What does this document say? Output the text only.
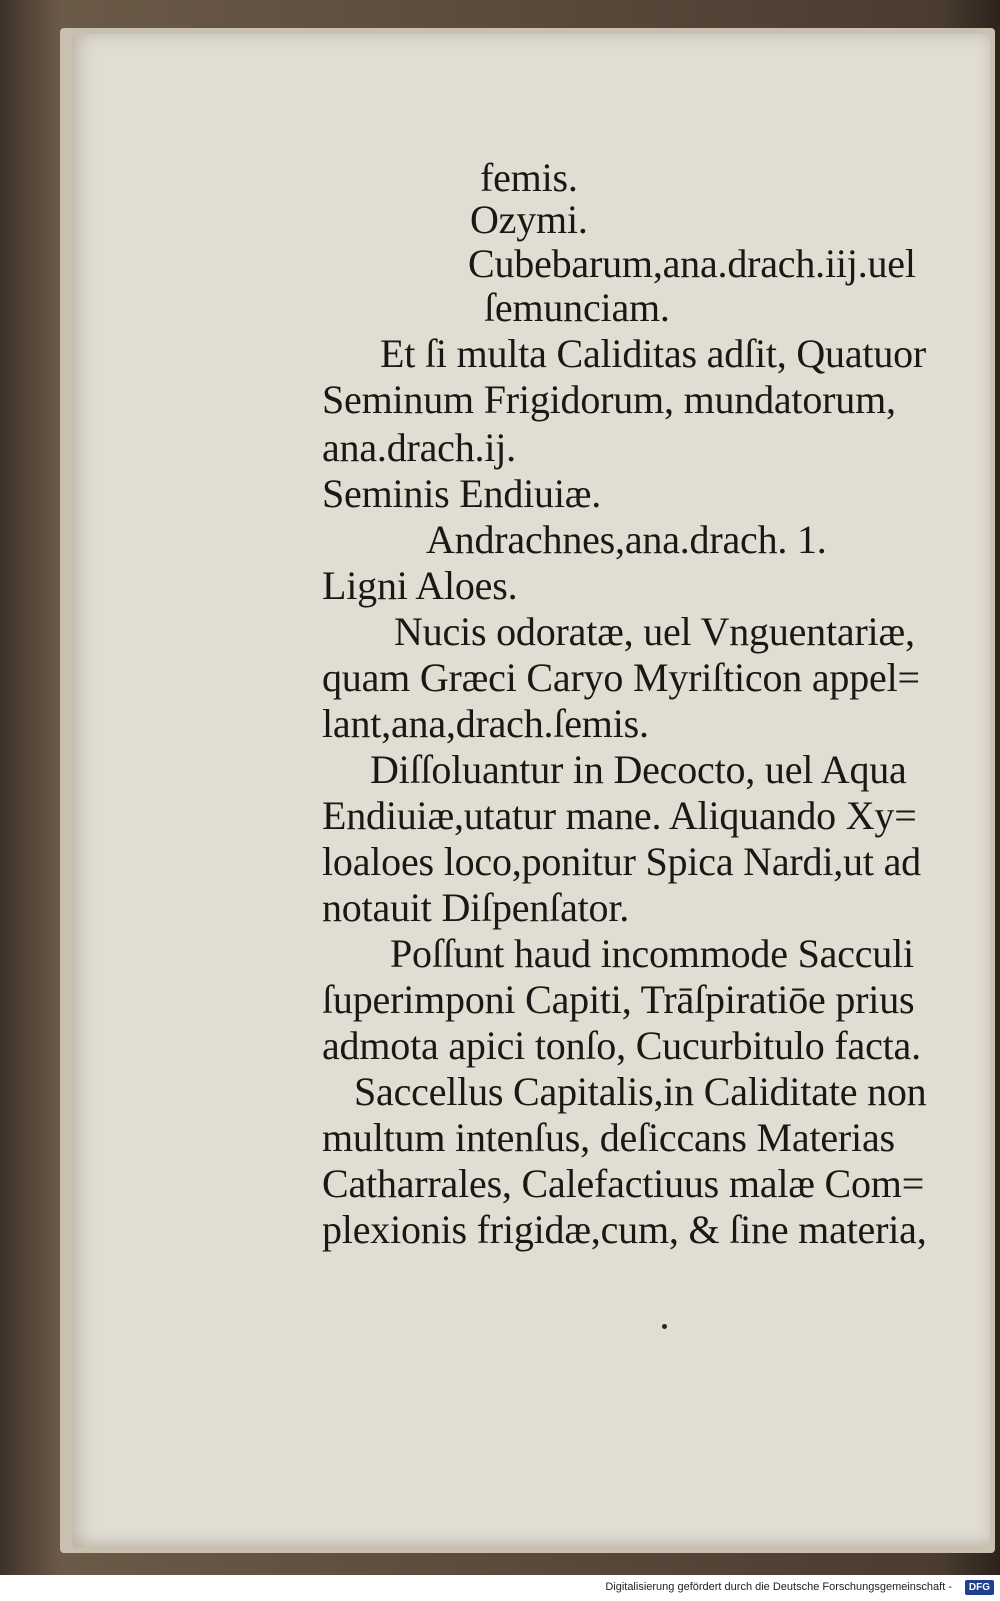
femis.
Ozymi.
Cubebarum,ana.drach.iij.uel
ſemunciam.
Et ſi multa Caliditas adſit, Quatuor
Seminum Frigidorum, mundatorum,
ana.drach.ij.
Seminis Endiuiæ.
Andrachnes,ana.drach. 1.
Ligni Aloes.
Nucis odoratæ, uel Vnguentariæ,
quam Græci Caryo Myriſticon appel=
lant,ana,drach.ſemis.
Diſſoluantur in Decocto, uel Aqua
Endiuiæ,utatur mane. Aliquando Xy=
loaloes loco,ponitur Spica Nardi,ut ad
notauit Diſpenſator.
Poſſunt haud incommode Sacculi
ſuperimponi Capiti, Trāſpiratiōe prius
admota apici tonſo, Cucurbitulo facta.
Saccellus Capitalis,in Caliditate non
multum intenſus, deſiccans Materias
Catharrales, Calefactiuus malæ Com=
plexionis frigidæ,cum, & ſine materia,
Digitalisierung gefördert durch die Deutsche Forschungsgemeinschaft -	DFG
